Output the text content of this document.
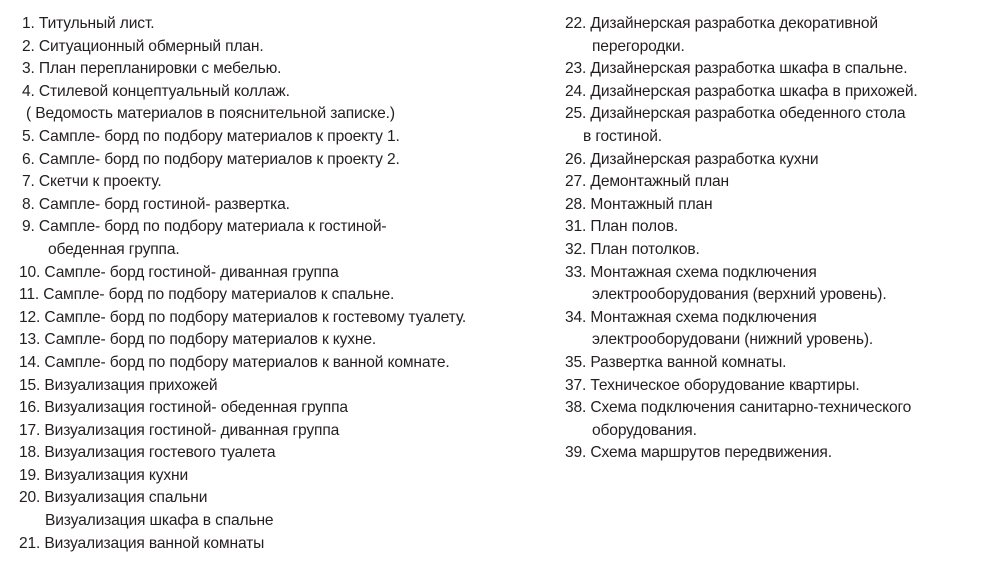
1. Титульный лист.
2. Ситуационный обмерный план.
3. План перепланировки с мебелью.
4. Стилевой концептуальный коллаж.
( Ведомость материалов в пояснительной записке.)
5. Сампле- борд по подбору материалов к проекту 1.
6. Сампле- борд по подбору материалов к проекту 2.
7. Скетчи к проекту.
8. Сампле- борд гостиной- развертка.
9. Сампле- борд по подбору материала к гостиной-
обеденная группа.
10. Сампле- борд гостиной- диванная группа
11. Сампле- борд по подбору материалов к спальне.
12. Сампле- борд по подбору материалов к гостевому туалету.
13. Сампле- борд по подбору материалов к кухне.
14. Сампле- борд по подбору материалов к ванной комнате.
15. Визуализация прихожей
16. Визуализация гостиной- обеденная группа
17. Визуализация гостиной- диванная группа
18. Визуализация гостевого туалета
19. Визуализация кухни
20. Визуализация спальни
Визуализация шкафа в спальне
21. Визуализация ванной комнаты
22. Дизайнерская разработка декоративной
перегородки.
23. Дизайнерская разработка шкафа в спальне.
24. Дизайнерская разработка шкафа в прихожей.
25. Дизайнерская разработка обеденного стола
в гостиной.
26. Дизайнерская разработка кухни
27. Демонтажный план
28. Монтажный план
31. План полов.
32. План потолков.
33. Монтажная схема подключения
электрооборудования (верхний уровень).
34. Монтажная схема подключения
электрооборудовани (нижний уровень).
35. Развертка ванной комнаты.
37. Техническое оборудование квартиры.
38. Схема подключения санитарно-технического
оборудования.
39. Схема маршрутов передвижения.
